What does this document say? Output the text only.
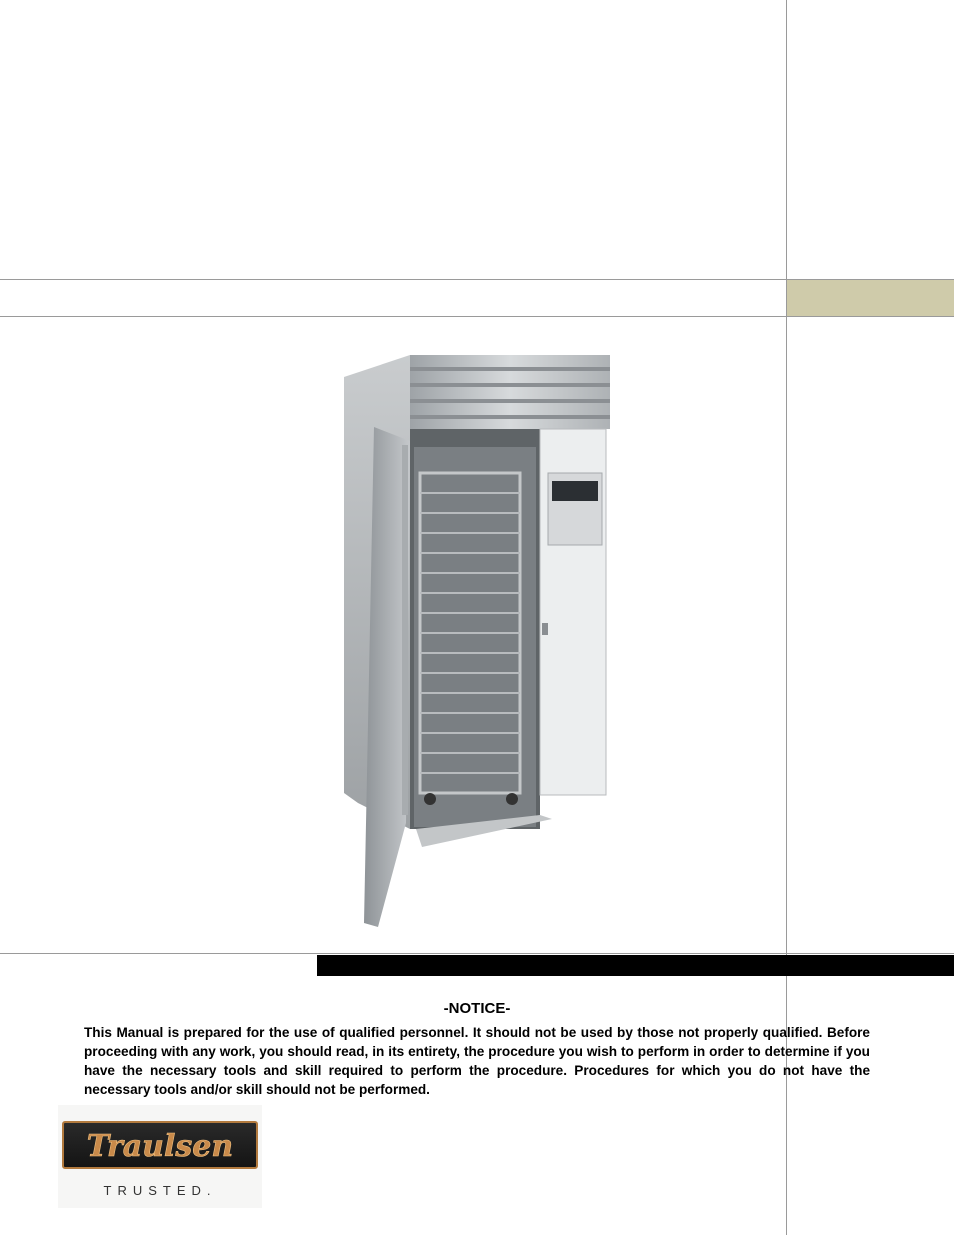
-NOTICE-

This Manual is prepared for the use of qualified personnel. It should not be used by those not properly qualified. Before proceeding with any work, you should read, in its entirety, the procedure you wish to perform in order to determine if you have the necessary tools and skill required to perform the procedure. Procedures for which you do not have the necessary tools and/or skill should not be performed.

Traulsen
TRUSTED.
